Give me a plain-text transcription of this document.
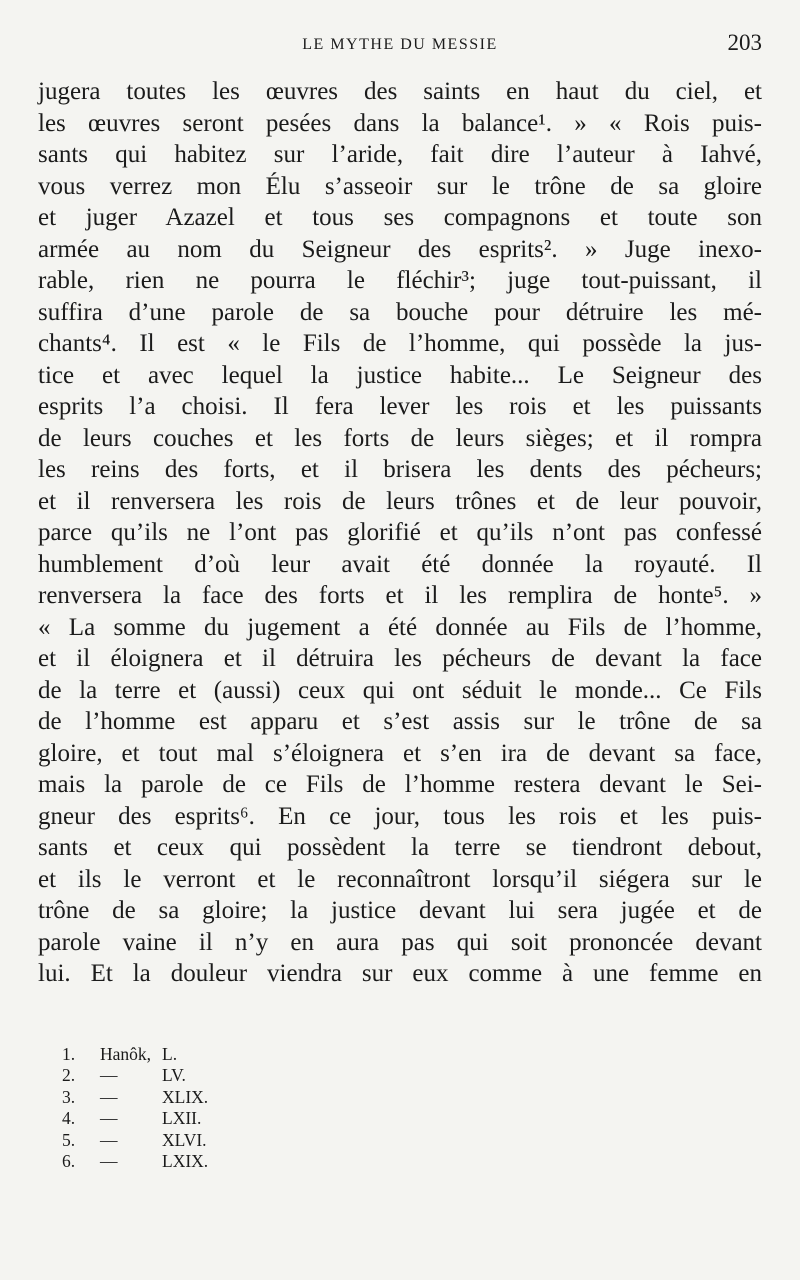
LE MYTHE DU MESSIE	203
jugera toutes les œuvres des saints en haut du ciel, et
les œuvres seront pesées dans la balance¹. » « Rois puis-
sants qui habitez sur l’aride, fait dire l’auteur à Iahvé,
vous verrez mon Élu s’asseoir sur le trône de sa gloire
et juger Azazel et tous ses compagnons et toute son
armée au nom du Seigneur des esprits². » Juge inexo-
rable, rien ne pourra le fléchir³; juge tout-puissant, il
suffira d’une parole de sa bouche pour détruire les mé-
chants⁴. Il est « le Fils de l’homme, qui possède la jus-
tice et avec lequel la justice habite... Le Seigneur des
esprits l’a choisi. Il fera lever les rois et les puissants
de leurs couches et les forts de leurs sièges; et il rompra
les reins des forts, et il brisera les dents des pécheurs;
et il renversera les rois de leurs trônes et de leur pouvoir,
parce qu’ils ne l’ont pas glorifié et qu’ils n’ont pas confessé
humblement d’où leur avait été donnée la royauté. Il
renversera la face des forts et il les remplira de honte⁵. »
« La somme du jugement a été donnée au Fils de l’homme,
et il éloignera et il détruira les pécheurs de devant la face
de la terre et (aussi) ceux qui ont séduit le monde... Ce Fils
de l’homme est apparu et s’est assis sur le trône de sa
gloire, et tout mal s’éloignera et s’en ira de devant sa face,
mais la parole de ce Fils de l’homme restera devant le Sei-
gneur des esprits⁶. En ce jour, tous les rois et les puis-
sants et ceux qui possèdent la terre se tiendront debout,
et ils le verront et le reconnaîtront lorsqu’il siégera sur le
trône de sa gloire; la justice devant lui sera jugée et de
parole vaine il n’y en aura pas qui soit prononcée devant
lui. Et la douleur viendra sur eux comme à une femme en
1. Hanôk, L.
2. —	LV.
3. —	XLIX.
4. —	LXII.
5. —	XLVI.
6. —	LXIX.
